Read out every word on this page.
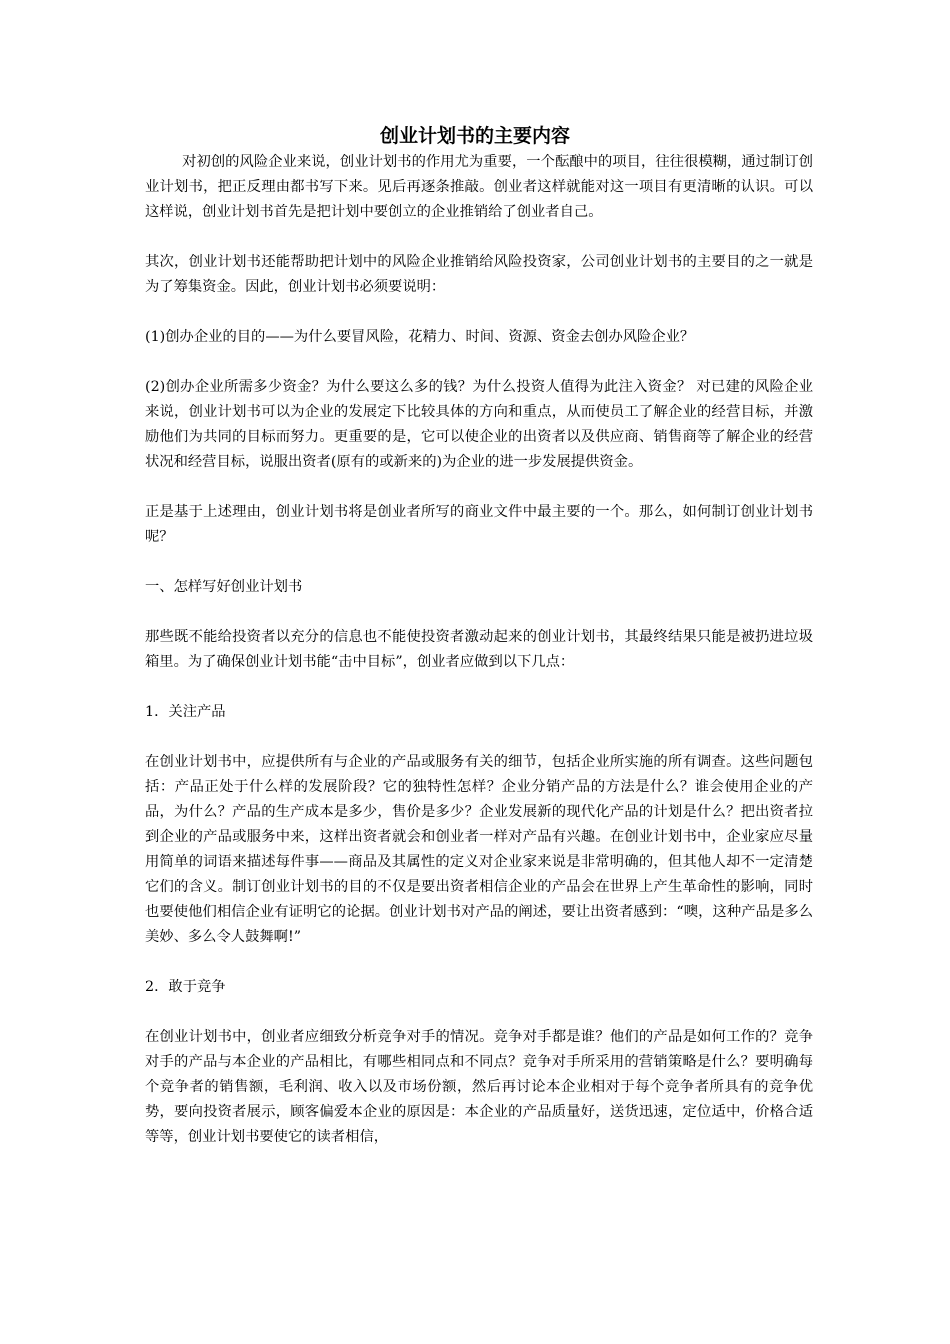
创业计划书的主要内容

对初创的风险企业来说，创业计划书的作用尤为重要，一个酝酿中的项目，往往很模糊，通过制订创业计划书，把正反理由都书写下来。见后再逐条推敲。创业者这样就能对这一项目有更清晰的认识。可以这样说，创业计划书首先是把计划中要创立的企业推销给了创业者自己。

其次，创业计划书还能帮助把计划中的风险企业推销给风险投资家，公司创业计划书的主要目的之一就是为了筹集资金。因此，创业计划书必须要说明：

(1)创办企业的目的——为什么要冒风险，花精力、时间、资源、资金去创办风险企业？

(2)创办企业所需多少资金？为什么要这么多的钱？为什么投资人值得为此注入资金？ 对已建的风险企业来说，创业计划书可以为企业的发展定下比较具体的方向和重点，从而使员工了解企业的经营目标，并激励他们为共同的目标而努力。更重要的是，它可以使企业的出资者以及供应商、销售商等了解企业的经营状况和经营目标，说服出资者(原有的或新来的)为企业的进一步发展提供资金。

正是基于上述理由，创业计划书将是创业者所写的商业文件中最主要的一个。那么，如何制订创业计划书呢？

一、怎样写好创业计划书

那些既不能给投资者以充分的信息也不能使投资者激动起来的创业计划书，其最终结果只能是被扔进垃圾箱里。为了确保创业计划书能“击中目标”，创业者应做到以下几点：

1．关注产品

在创业计划书中，应提供所有与企业的产品或服务有关的细节，包括企业所实施的所有调查。这些问题包括：产品正处于什么样的发展阶段？它的独特性怎样？企业分销产品的方法是什么？谁会使用企业的产品，为什么？产品的生产成本是多少，售价是多少？企业发展新的现代化产品的计划是什么？把出资者拉到企业的产品或服务中来，这样出资者就会和创业者一样对产品有兴趣。在创业计划书中，企业家应尽量用简单的词语来描述每件事——商品及其属性的定义对企业家来说是非常明确的，但其他人却不一定清楚它们的含义。制订创业计划书的目的不仅是要出资者相信企业的产品会在世界上产生革命性的影响，同时也要使他们相信企业有证明它的论据。创业计划书对产品的阐述，要让出资者感到：“噢，这种产品是多么美妙、多么令人鼓舞啊!”

2．敢于竞争

在创业计划书中，创业者应细致分析竞争对手的情况。竞争对手都是谁？他们的产品是如何工作的？竞争对手的产品与本企业的产品相比，有哪些相同点和不同点？竞争对手所采用的营销策略是什么？要明确每个竞争者的销售额，毛利润、收入以及市场份额，然后再讨论本企业相对于每个竞争者所具有的竞争优势，要向投资者展示，顾客偏爱本企业的原因是：本企业的产品质量好，送货迅速，定位适中，价格合适等等，创业计划书要使它的读者相信，
